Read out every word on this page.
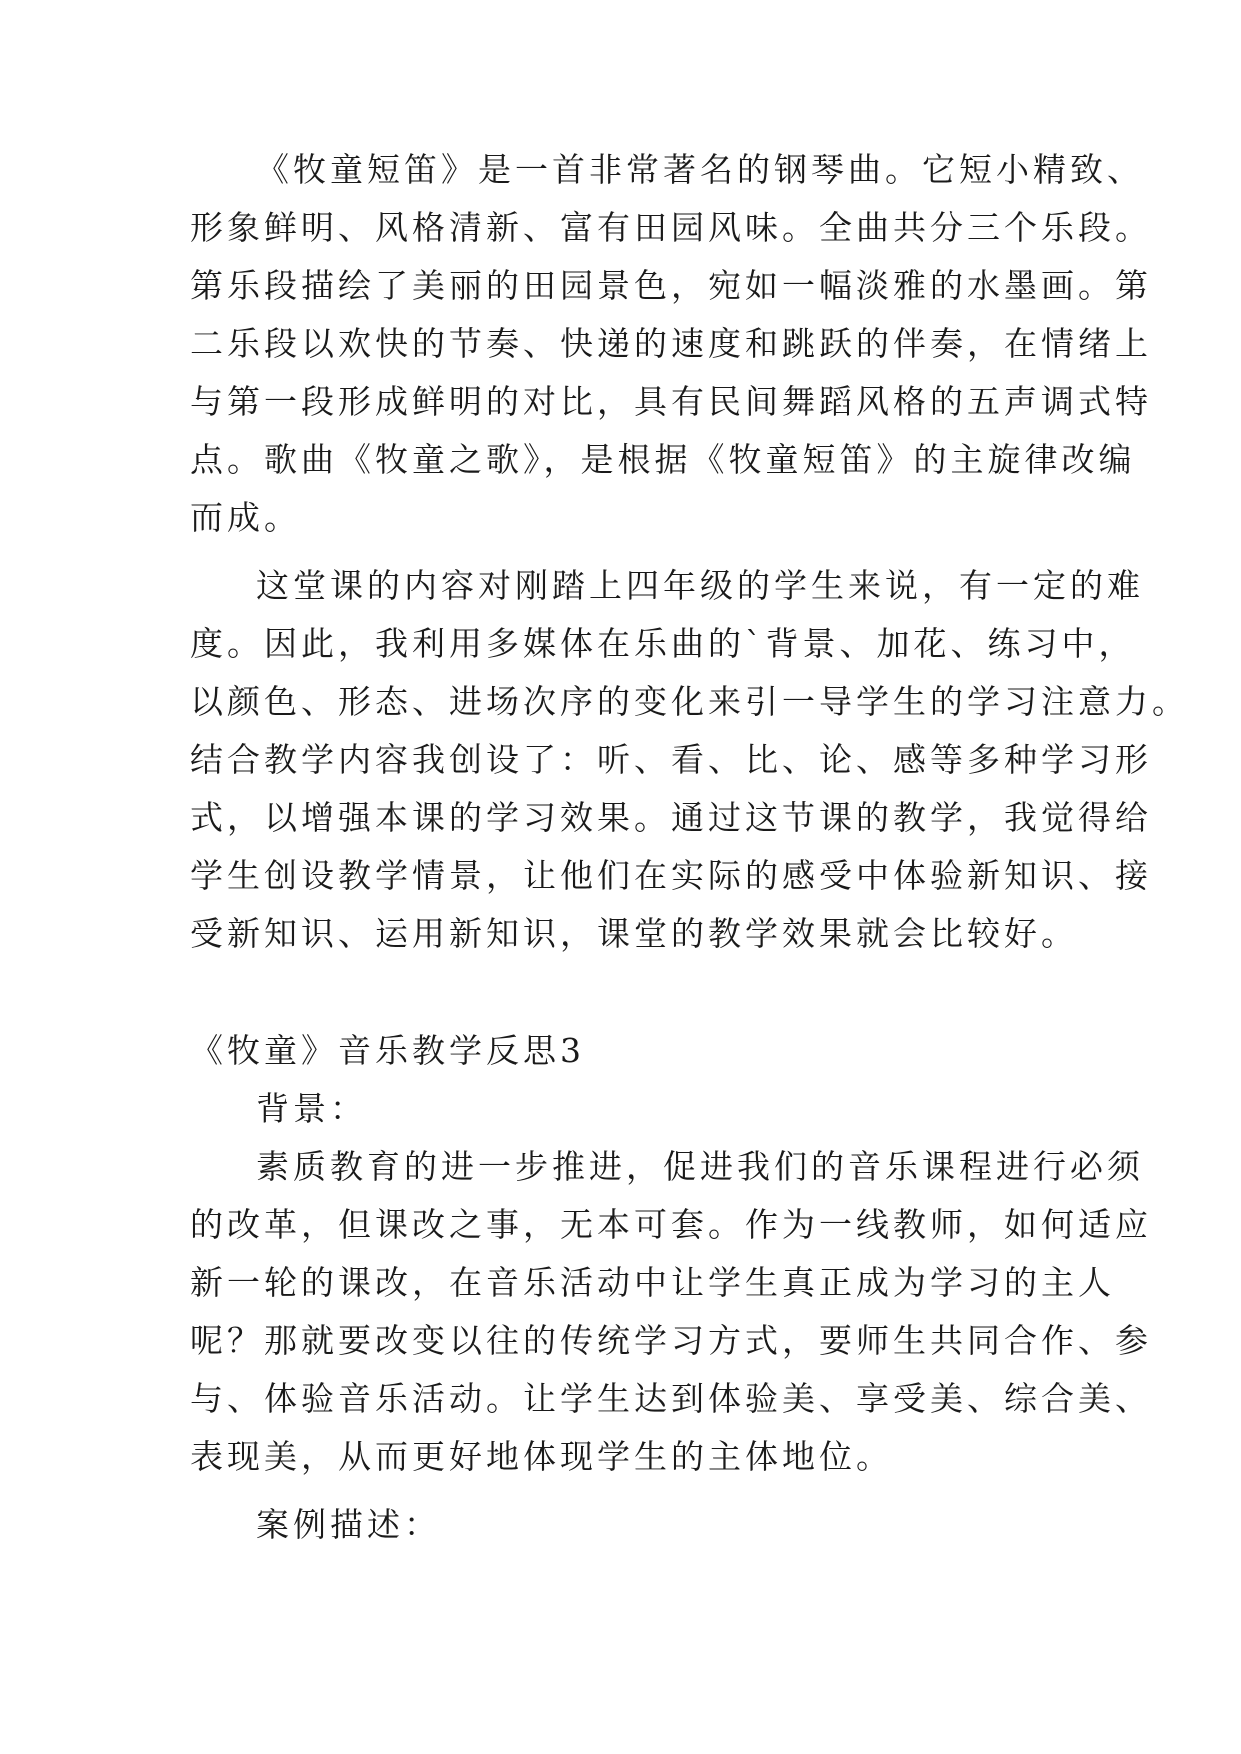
《牧童短笛》是一首非常著名的钢琴曲。它短小精致、
形象鲜明、风格清新、富有田园风味。全曲共分三个乐段。
第乐段描绘了美丽的田园景色，宛如一幅淡雅的水墨画。第
二乐段以欢快的节奏、快递的速度和跳跃的伴奏，在情绪上
与第一段形成鲜明的对比，具有民间舞蹈风格的五声调式特
点。歌曲《牧童之歌》，是根据《牧童短笛》的主旋律改编
而成。
这堂课的内容对刚踏上四年级的学生来说，有一定的难
度。因此，我利用多媒体在乐曲的`背景、加花、练习中，
以颜色、形态、进场次序的变化来引一导学生的学习注意力。
结合教学内容我创设了：听、看、比、论、感等多种学习形
式，以增强本课的学习效果。通过这节课的教学，我觉得给
学生创设教学情景，让他们在实际的感受中体验新知识、接
受新知识、运用新知识，课堂的教学效果就会比较好。
《牧童》音乐教学反思3
背景：
素质教育的进一步推进，促进我们的音乐课程进行必须
的改革，但课改之事，无本可套。作为一线教师，如何适应
新一轮的课改，在音乐活动中让学生真正成为学习的主人
呢？那就要改变以往的传统学习方式，要师生共同合作、参
与、体验音乐活动。让学生达到体验美、享受美、综合美、
表现美，从而更好地体现学生的主体地位。
案例描述：
